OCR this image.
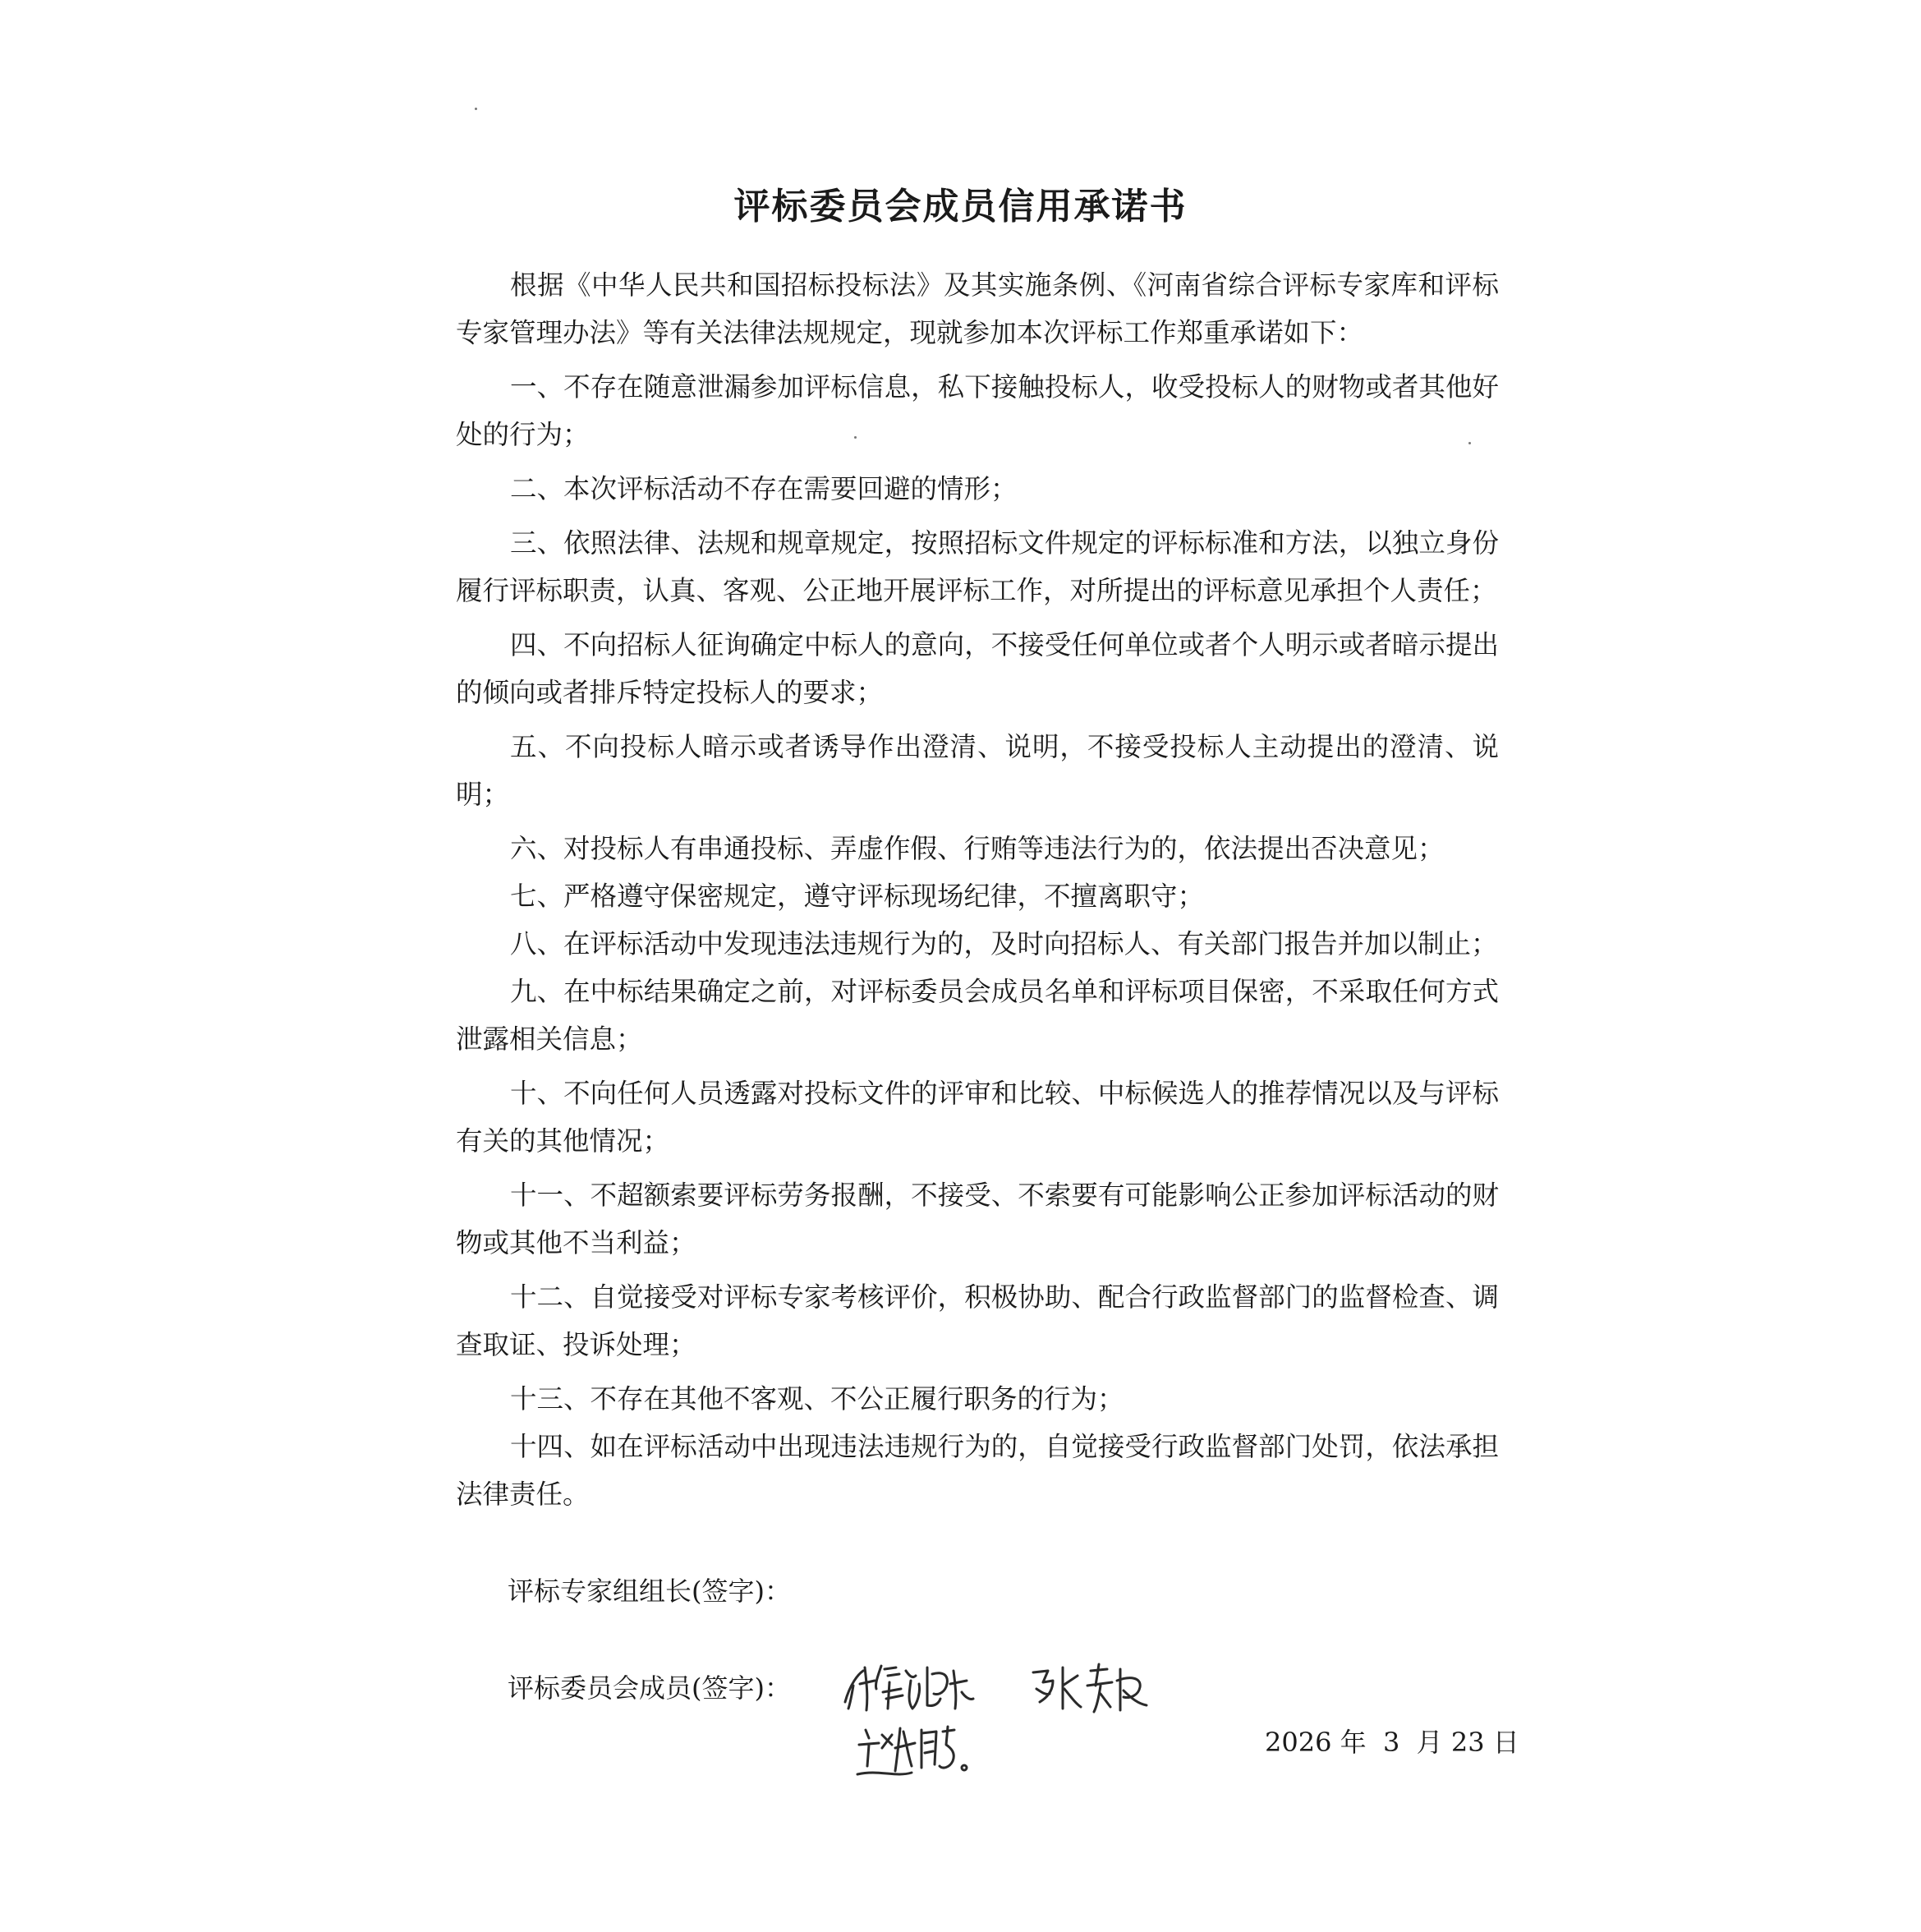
评标委员会成员信用承诺书

根据《中华人民共和国招标投标法》及其实施条例、《河南省综合评标专家库和评标专家管理办法》等有关法律法规规定，现就参加本次评标工作郑重承诺如下：

一、不存在随意泄漏参加评标信息，私下接触投标人，收受投标人的财物或者其他好处的行为；

二、本次评标活动不存在需要回避的情形；

三、依照法律、法规和规章规定，按照招标文件规定的评标标准和方法，以独立身份履行评标职责，认真、客观、公正地开展评标工作，对所提出的评标意见承担个人责任；

四、不向招标人征询确定中标人的意向，不接受任何单位或者个人明示或者暗示提出的倾向或者排斥特定投标人的要求；

五、不向投标人暗示或者诱导作出澄清、说明，不接受投标人主动提出的澄清、说明；

六、对投标人有串通投标、弄虚作假、行贿等违法行为的，依法提出否决意见；

七、严格遵守保密规定，遵守评标现场纪律，不擅离职守；

八、在评标活动中发现违法违规行为的，及时向招标人、有关部门报告并加以制止；

九、在中标结果确定之前，对评标委员会成员名单和评标项目保密，不采取任何方式泄露相关信息；

十、不向任何人员透露对投标文件的评审和比较、中标候选人的推荐情况以及与评标有关的其他情况；

十一、不超额索要评标劳务报酬，不接受、不索要有可能影响公正参加评标活动的财物或其他不当利益；

十二、自觉接受对评标专家考核评价，积极协助、配合行政监督部门的监督检查、调查取证、投诉处理；

十三、不存在其他不客观、不公正履行职务的行为；

十四、如在评标活动中出现违法违规行为的，自觉接受行政监督部门处罚，依法承担法律责任。

评标专家组组长(签字)：
评标委员会成员(签字)：
2026 年  3  月 23 日
